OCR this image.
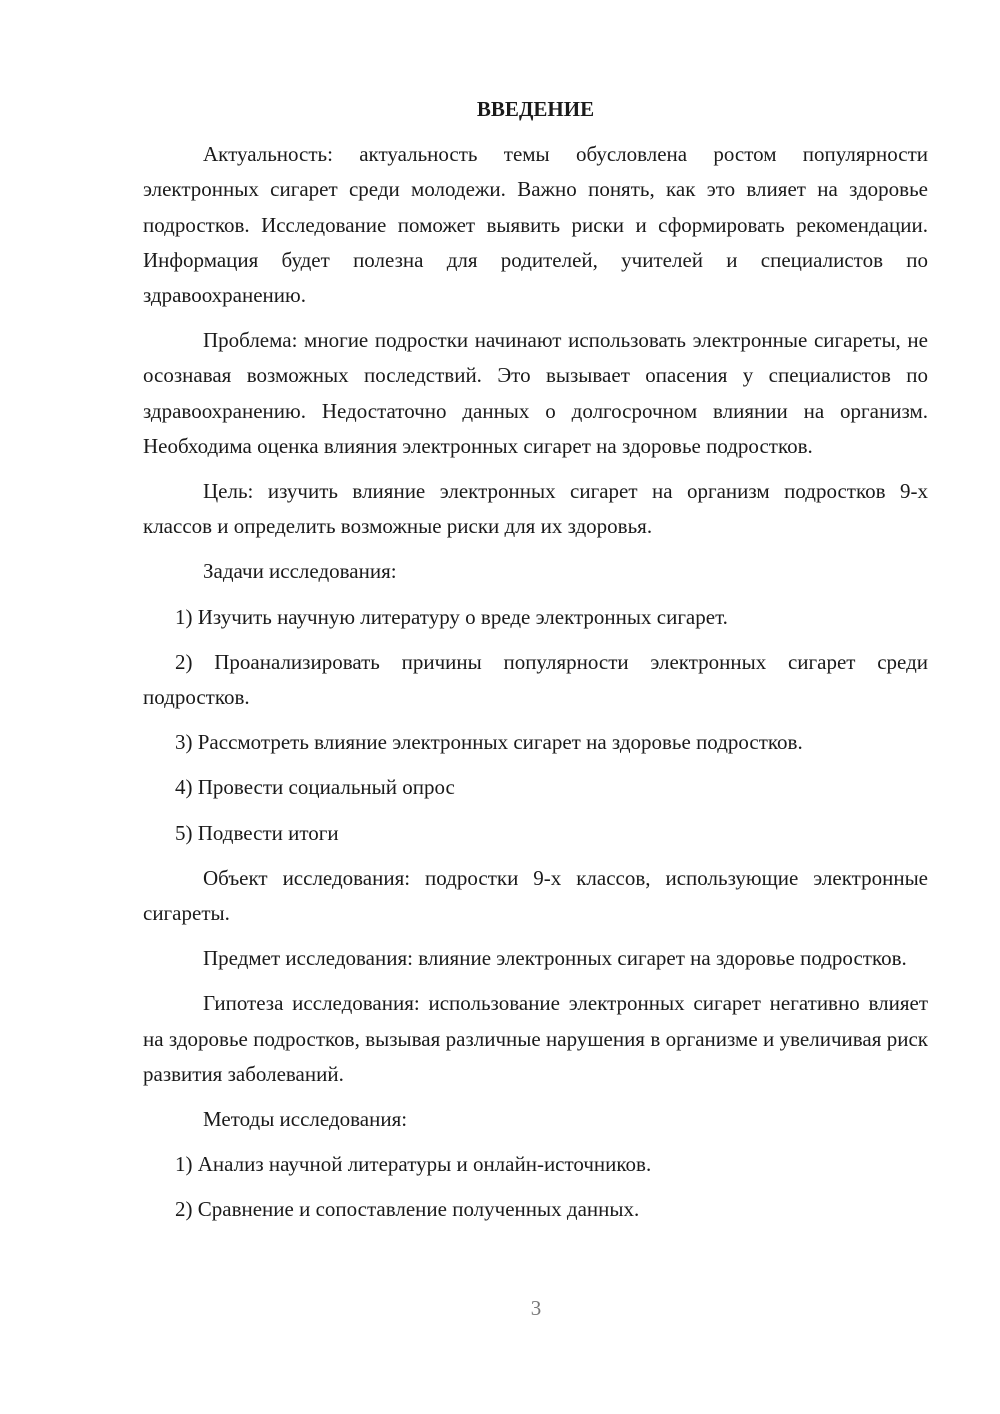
ВВЕДЕНИЕ

Актуальность: актуальность темы обусловлена ростом популярности электронных сигарет среди молодежи. Важно понять, как это влияет на здоровье подростков. Исследование поможет выявить риски и сформировать рекомендации. Информация будет полезна для родителей, учителей и специалистов по здравоохранению.

Проблема: многие подростки начинают использовать электронные сигареты, не осознавая возможных последствий. Это вызывает опасения у специалистов по здравоохранению. Недостаточно данных о долгосрочном влиянии на организм. Необходима оценка влияния электронных сигарет на здоровье подростков.

Цель: изучить влияние электронных сигарет на организм подростков 9-х классов и определить возможные риски для их здоровья.

Задачи исследования:

1) Изучить научную литературу о вреде электронных сигарет.

2) Проанализировать причины популярности электронных сигарет среди подростков.

3) Рассмотреть влияние электронных сигарет на здоровье подростков.

4) Провести социальный опрос

5) Подвести итоги

Объект исследования: подростки 9-х классов, использующие электронные сигареты.

Предмет исследования: влияние электронных сигарет на здоровье подростков.

Гипотеза исследования: использование электронных сигарет негативно влияет на здоровье подростков, вызывая различные нарушения в организме и увеличивая риск развития заболеваний.

Методы исследования:

1) Анализ научной литературы и онлайн-источников.

2) Сравнение и сопоставление полученных данных.

3
